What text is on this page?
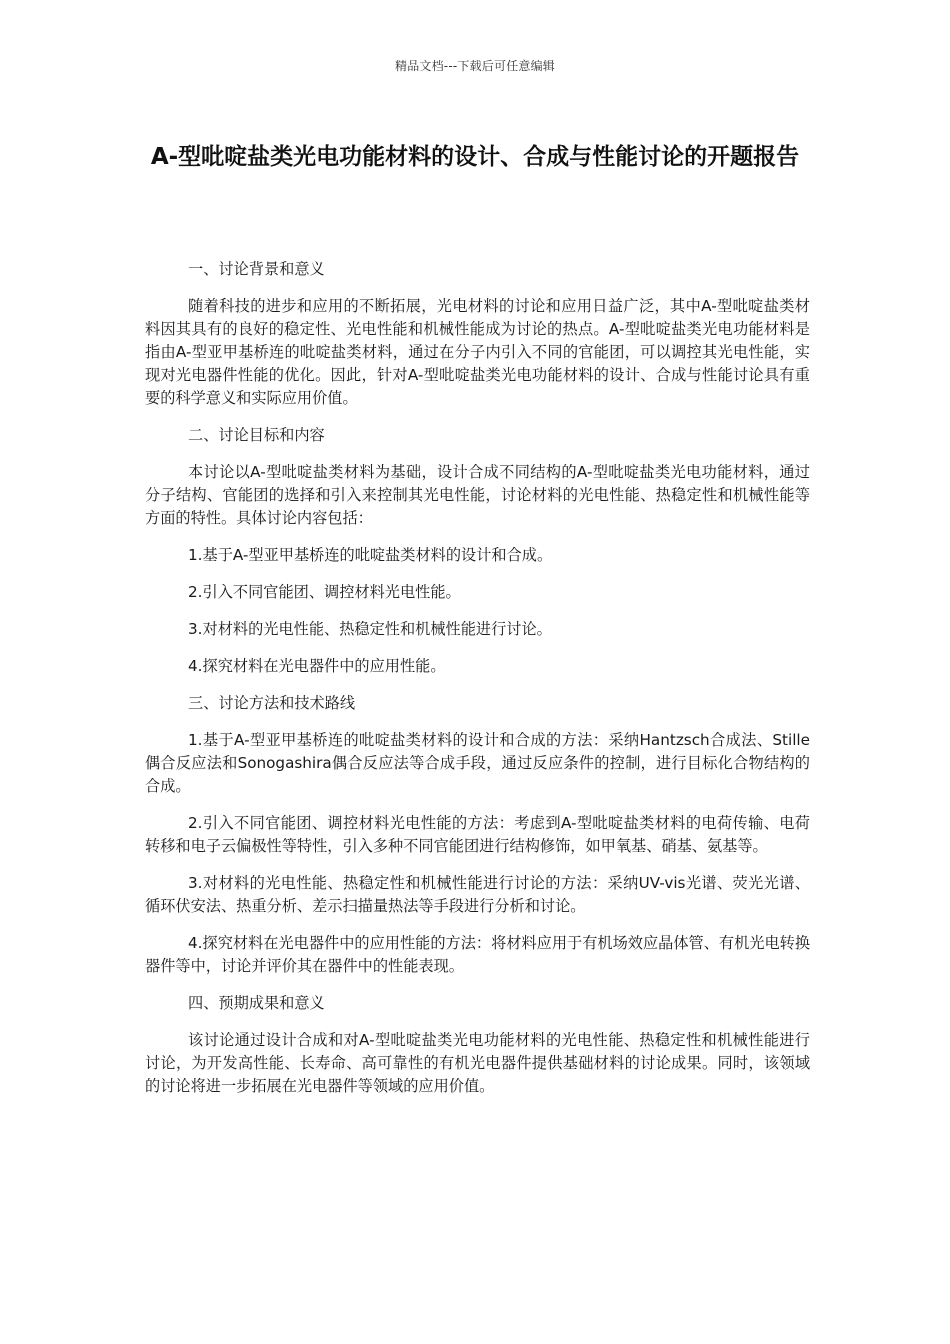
精品文档---下载后可任意编辑
A-型吡啶盐类光电功能材料的设计、合成与性能讨论的开题报告

一、讨论背景和意义

随着科技的进步和应用的不断拓展，光电材料的讨论和应用日益广泛，其中A-型吡啶盐类材料因其具有的良好的稳定性、光电性能和机械性能成为讨论的热点。A-型吡啶盐类光电功能材料是指由A-型亚甲基桥连的吡啶盐类材料，通过在分子内引入不同的官能团，可以调控其光电性能，实现对光电器件性能的优化。因此，针对A-型吡啶盐类光电功能材料的设计、合成与性能讨论具有重要的科学意义和实际应用价值。

二、讨论目标和内容

本讨论以A-型吡啶盐类材料为基础，设计合成不同结构的A-型吡啶盐类光电功能材料，通过分子结构、官能团的选择和引入来控制其光电性能，讨论材料的光电性能、热稳定性和机械性能等方面的特性。具体讨论内容包括：

1.基于A-型亚甲基桥连的吡啶盐类材料的设计和合成。

2.引入不同官能团、调控材料光电性能。

3.对材料的光电性能、热稳定性和机械性能进行讨论。

4.探究材料在光电器件中的应用性能。

三、讨论方法和技术路线

1.基于A-型亚甲基桥连的吡啶盐类材料的设计和合成的方法：采纳Hantzsch合成法、Stille偶合反应法和Sonogashira偶合反应法等合成手段，通过反应条件的控制，进行目标化合物结构的合成。

2.引入不同官能团、调控材料光电性能的方法：考虑到A-型吡啶盐类材料的电荷传输、电荷转移和电子云偏极性等特性，引入多种不同官能团进行结构修饰，如甲氧基、硝基、氨基等。

3.对材料的光电性能、热稳定性和机械性能进行讨论的方法：采纳UV-vis光谱、荧光光谱、循环伏安法、热重分析、差示扫描量热法等手段进行分析和讨论。

4.探究材料在光电器件中的应用性能的方法：将材料应用于有机场效应晶体管、有机光电转换器件等中，讨论并评价其在器件中的性能表现。

四、预期成果和意义

该讨论通过设计合成和对A-型吡啶盐类光电功能材料的光电性能、热稳定性和机械性能进行讨论，为开发高性能、长寿命、高可靠性的有机光电器件提供基础材料的讨论成果。同时，该领域的讨论将进一步拓展在光电器件等领域的应用价值。
